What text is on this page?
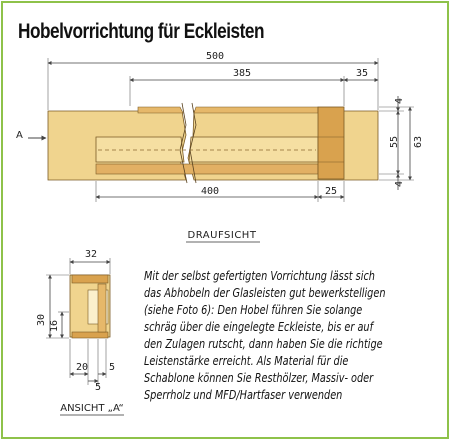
Hobelvorrichtung für Eckleisten
A
500
385	35
400	25
4
55 63
4
DRAUFSICHT
32
30 16
20 5
5
ANSICHT „A“
Mit der selbst gefertigten Vorrichtung lässt sich
das Abhobeln der Glasleisten gut bewerkstelligen
(siehe Foto 6): Den Hobel führen Sie solange
schräg über die eingelegte Eckleiste, bis er auf
den Zulagen rutscht, dann haben Sie die richtige
Leistenstärke erreicht. Als Material für die
Schablone können Sie Resthölzer, Massiv- oder
Sperrholz und MFD/Hartfaser verwenden
